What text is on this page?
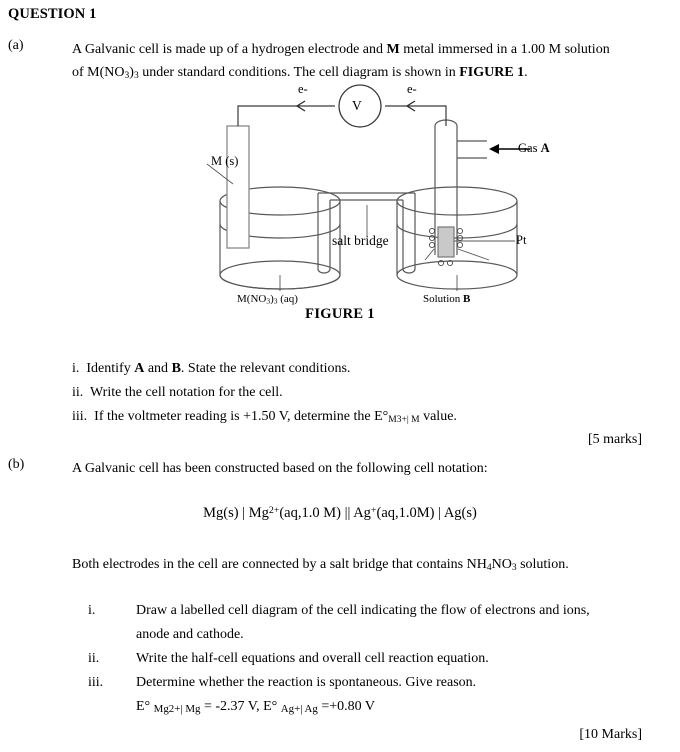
QUESTION 1
(a)	A Galvanic cell is made up of a hydrogen electrode and M metal immersed in a 1.00 M solution
of $M(NO_3)_3$ under standard conditions. The cell diagram is shown in FIGURE 1.
M (s)
V
e-	e-
salt bridge
Gas A
Pt
$M(NO_3)_3$ (aq)	Solution B
FIGURE 1
i. Identify A and B. State the relevant conditions.
ii. Write the cell notation for the cell.
iii. If the voltmeter reading is +1.50 V, determine the $E^\circ_{M3+| M}$ value.
[5 marks]
(b)	A Galvanic cell has been constructed based on the following cell notation:
Mg(s) | $Mg^{2+}(aq,1.0$ M) || Ag+(aq,1.0M) | Ag(s)
Both electrodes in the cell are connected by a salt bridge that contains $NH_4NO_3$ solution.
i.	Draw a labelled cell diagram of the cell indicating the flow of electrons and ions,
anode and cathode.
ii.	Write the half-cell equations and overall cell reaction equation.
iii.	Determine whether the reaction is spontaneous. Give reason.
E° Mg2+| Mg = -2.37 V, E° Ag+| Ag =+0.80 V
[10 Marks]
